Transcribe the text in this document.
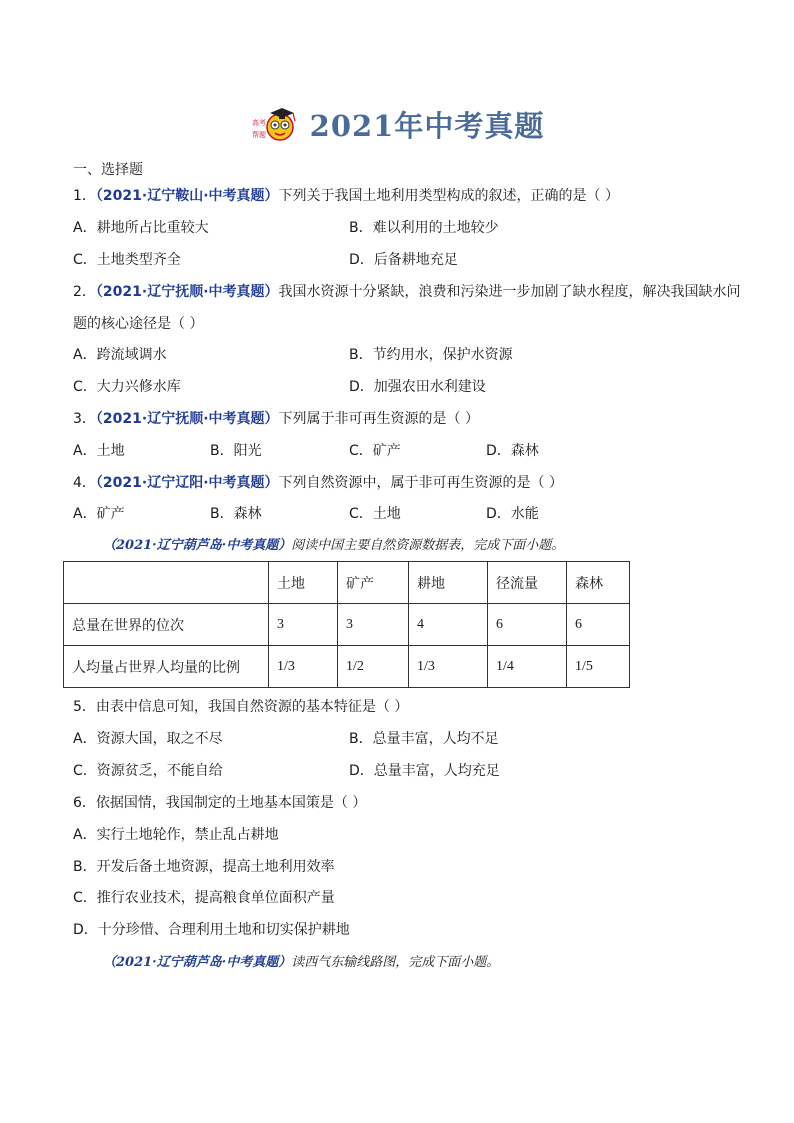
高考
帮题 2021年中考真题
一、选择题
1．（2021·辽宁鞍山·中考真题）下列关于我国土地利用类型构成的叙述，正确的是（ ）
A．耕地所占比重较大	B．难以利用的土地较少
C．土地类型齐全	D．后备耕地充足
2．（2021·辽宁抚顺·中考真题）我国水资源十分紧缺，浪费和污染进一步加剧了缺水程度，解决我国缺水问
题的核心途径是（ ）
A．跨流域调水	B．节约用水，保护水资源
C．大力兴修水库	D．加强农田水利建设
3．（2021·辽宁抚顺·中考真题）下列属于非可再生资源的是（ ）
A．土地	B．阳光	C．矿产	D．森林
4．（2021·辽宁辽阳·中考真题）下列自然资源中，属于非可再生资源的是（ ）
A．矿产	B．森林	C．土地	D．水能
（2021·辽宁葫芦岛·中考真题）阅读中国主要自然资源数据表，完成下面小题。
	土地	矿产	耕地	径流量	森林
总量在世界的位次	3	3	4	6	6
人均量占世界人均量的比例	1/3	1/2	1/3	1/4	1/5
5．由表中信息可知，我国自然资源的基本特征是（ ）
A．资源大国，取之不尽	B．总量丰富，人均不足
C．资源贫乏，不能自给	D．总量丰富，人均充足
6．依据国情，我国制定的土地基本国策是（ ）
A．实行土地轮作，禁止乱占耕地
B．开发后备土地资源，提高土地利用效率
C．推行农业技术，提高粮食单位面积产量
D．十分珍惜、合理利用土地和切实保护耕地
（2021·辽宁葫芦岛·中考真题）读西气东输线路图，完成下面小题。
